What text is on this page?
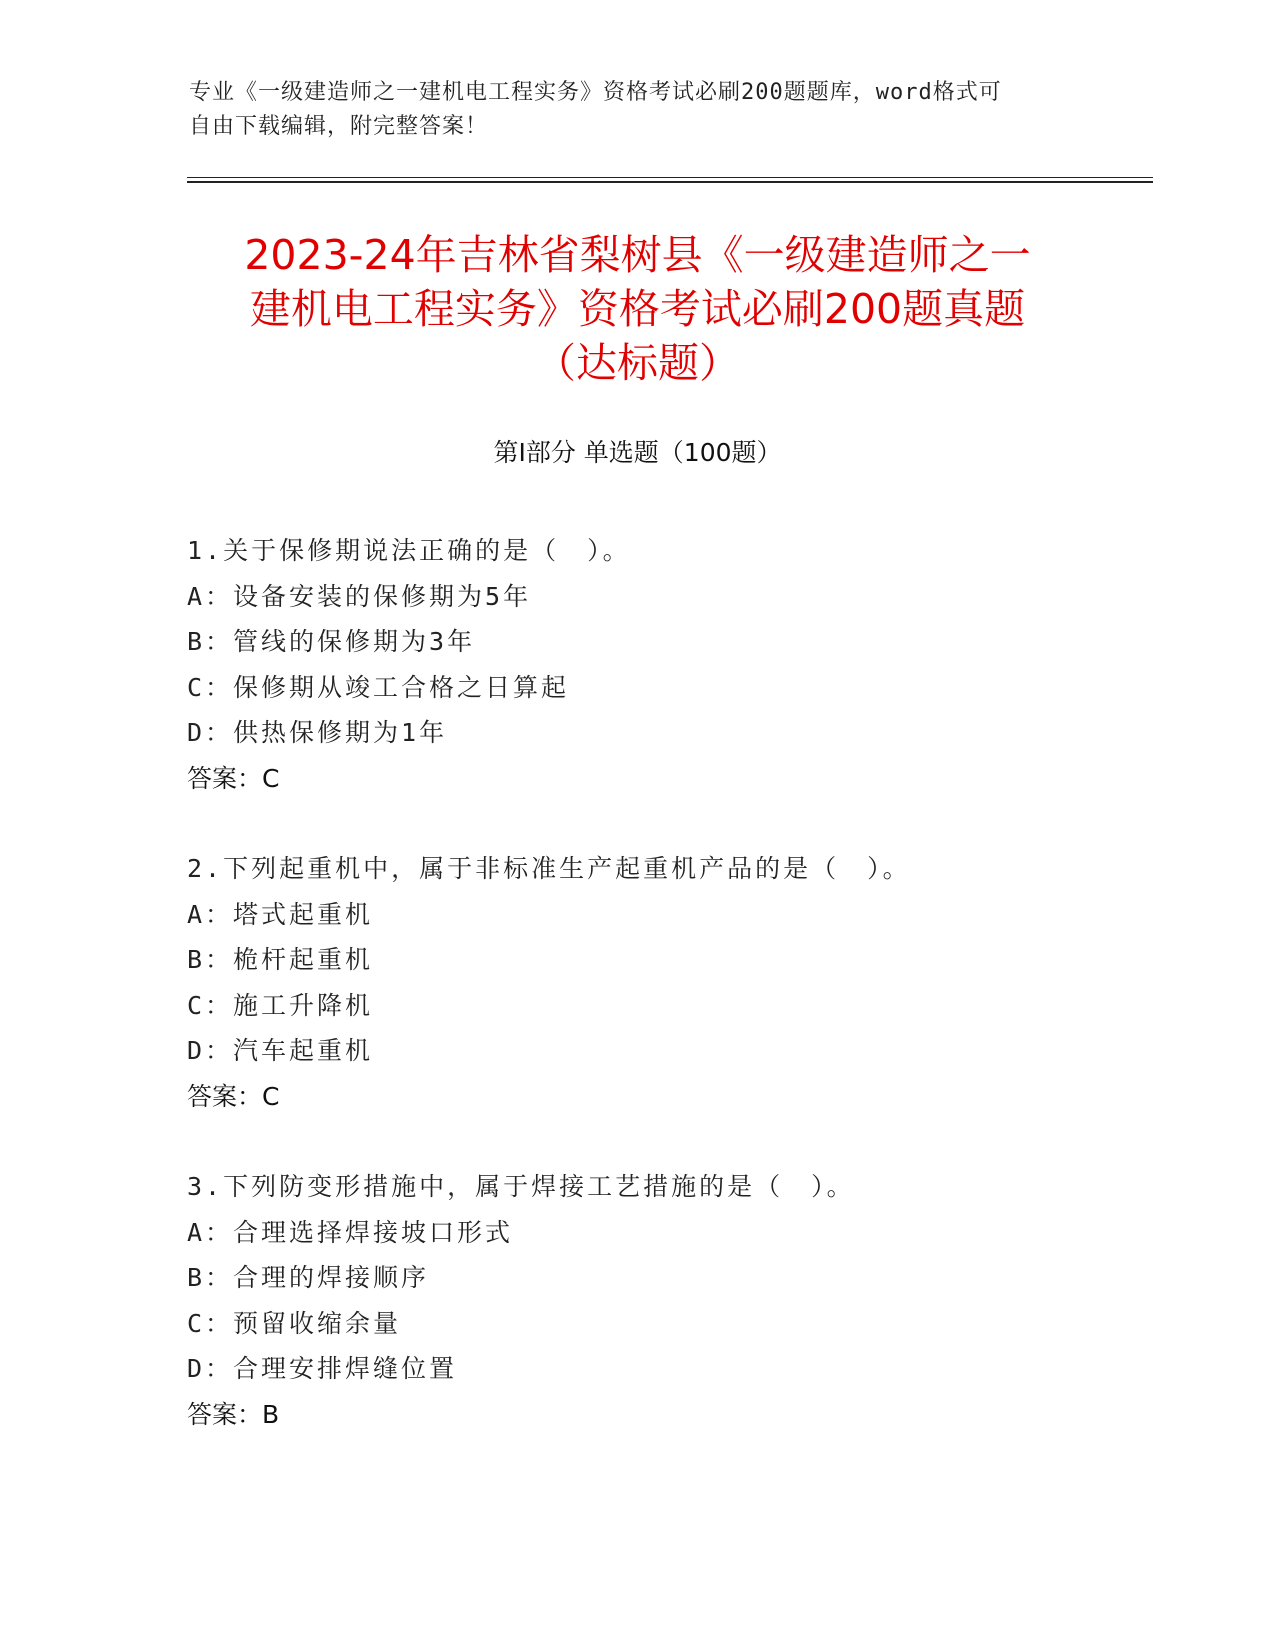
专业《一级建造师之一建机电工程实务》资格考试必刷200题题库，word格式可
自由下载编辑，附完整答案！
2023-24年吉林省梨树县《一级建造师之一
建机电工程实务》资格考试必刷200题真题
（达标题）
第Ⅰ部分 单选题（100题）
1.关于保修期说法正确的是（　）。
A：设备安装的保修期为5年
B：管线的保修期为3年
C：保修期从竣工合格之日算起
D：供热保修期为1年
答案：C
2.下列起重机中，属于非标准生产起重机产品的是（　）。
A：塔式起重机
B：桅杆起重机
C：施工升降机
D：汽车起重机
答案：C
3.下列防变形措施中，属于焊接工艺措施的是（　）。
A：合理选择焊接坡口形式
B：合理的焊接顺序
C：预留收缩余量
D：合理安排焊缝位置
答案：B
